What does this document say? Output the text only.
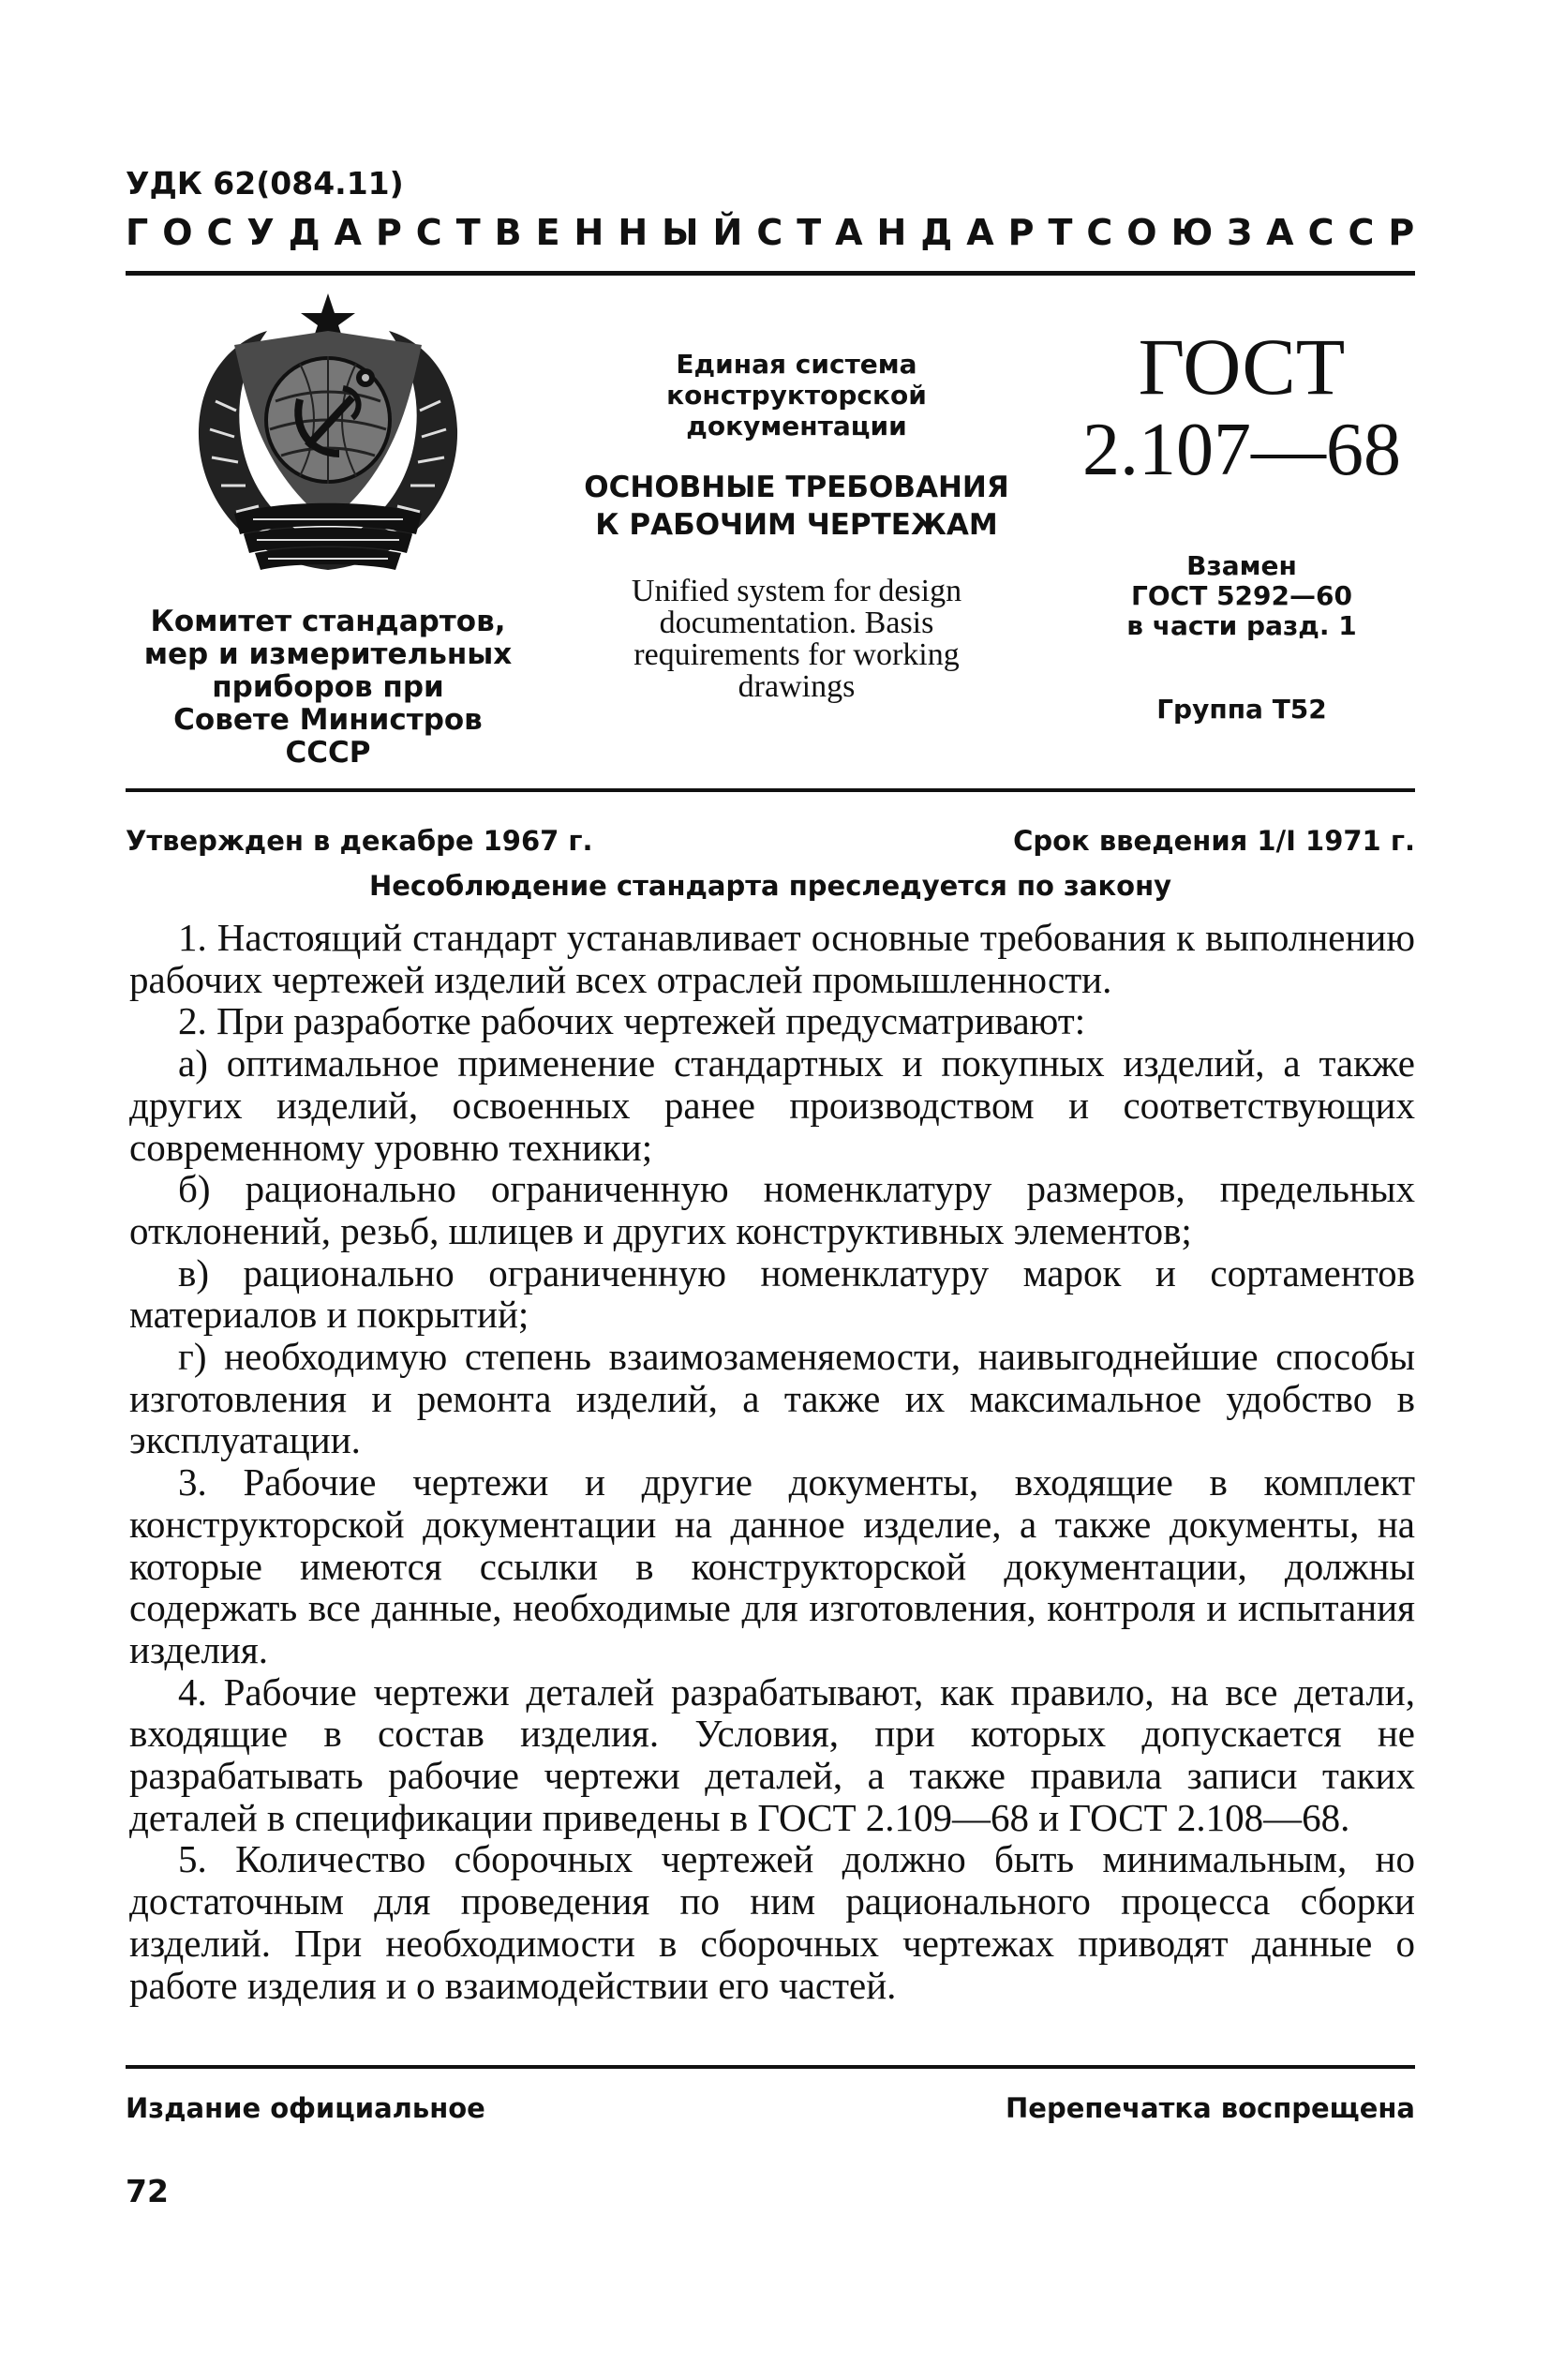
УДК 62(084.11)
ГОСУДАРСТВЕННЫЙ СТАНДАРТ СОЮЗА ССР
Комитет стандартов,
мер и измерительных
приборов при
Совете Министров
СССР
Единая система
конструкторской
документации
ОСНОВНЫЕ ТРЕБОВАНИЯ
К РАБОЧИМ ЧЕРТЕЖАМ
Unified system for design
documentation. Basis
requirements for working
drawings
ГОСТ
2.107—68
Взамен
ГОСТ 5292—60
в части разд. 1
Группа Т52
Утвержден в декабре 1967 г.	Срок введения 1/I 1971 г.
Несоблюдение стандарта преследуется по закону

1. Настоящий стандарт устанавливает основные требования к выполнению рабочих чертежей изделий всех отраслей промышленности.

2. При разработке рабочих чертежей предусматривают:

а) оптимальное применение стандартных и покупных изделий, а также других изделий, освоенных ранее производством и соответствующих современному уровню техники;

б) рационально ограниченную номенклатуру размеров, предельных отклонений, резьб, шлицев и других конструктивных элементов;

в) рационально ограниченную номенклатуру марок и сортаментов материалов и покрытий;

г) необходимую степень взаимозаменяемости, наивыгоднейшие способы изготовления и ремонта изделий, а также их максимальное удобство в эксплуатации.

3. Рабочие чертежи и другие документы, входящие в комплект конструкторской документации на данное изделие, а также документы, на которые имеются ссылки в конструкторской документации, должны содержать все данные, необходимые для изготовления, контроля и испытания изделия.

4. Рабочие чертежи деталей разрабатывают, как правило, на все детали, входящие в состав изделия. Условия, при которых допускается не разрабатывать рабочие чертежи деталей, а также правила записи таких деталей в спецификации приведены в ГОСТ 2.109—68 и ГОСТ 2.108—68.

5. Количество сборочных чертежей должно быть минимальным, но достаточным для проведения по ним рационального процесса сборки изделий. При необходимости в сборочных чертежах приводят данные о работе изделия и о взаимодействии его частей.

Издание официальное	Перепечатка воспрещена
72
